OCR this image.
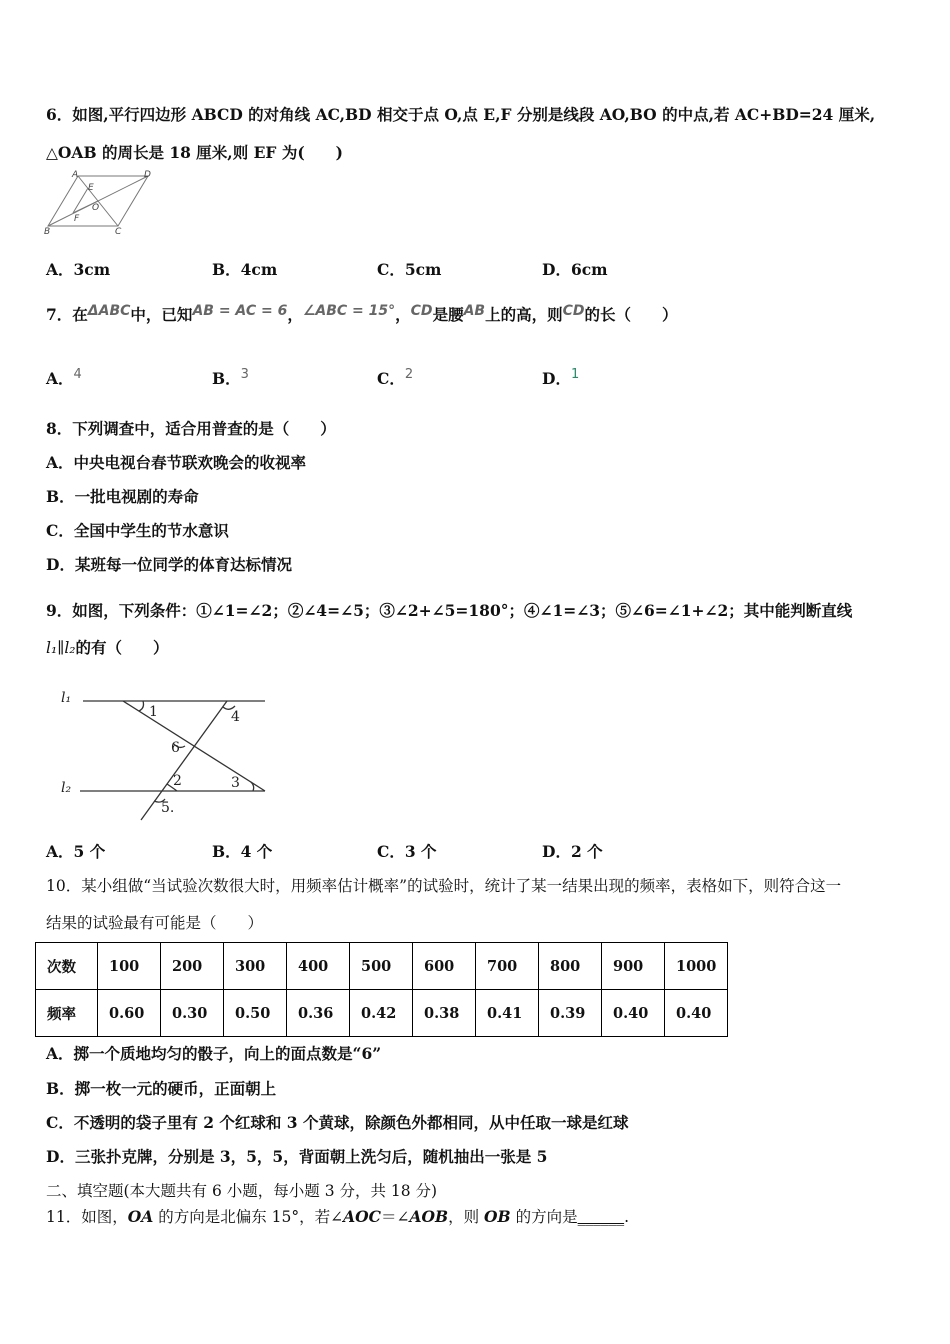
6．如图,平行四边形 ABCD 的对角线 AC,BD 相交于点 O,点 E,F 分别是线段 AO,BO 的中点,若 AC+BD=24 厘米,
△OAB 的周长是 18 厘米,则 EF 为(　　)
A	D
E
O
F
B	C
A．3cm	B．4cm	C．5cm	D．6cm
7．在ΔABC中，已知AB = AC = 6，∠ABC = 15°，CD是腰AB上的高，则CD的长（　　）
A．$^4$	B．$^3$	C．$^2$	D．$^1$
8．下列调查中，适合用普查的是（　　）
A．中央电视台春节联欢晚会的收视率
B．一批电视剧的寿命
C．全国中学生的节水意识
D．某班每一位同学的体育达标情况
9．如图，下列条件：①∠1=∠2；②∠4=∠5；③∠2+∠5=180°；④∠1=∠3；⑤∠6=∠1+∠2；其中能判断直线
l₁∥l₂的有（　　）
l₁
l₂
1	4
6
2	3
5.
A．5 个	B．4 个	C．3 个	D．2 个
10．某小组做“当试验次数很大时，用频率估计概率”的试验时，统计了某一结果出现的频率，表格如下，则符合这一
结果的试验最有可能是（　　）
次数	100	200	300	400	500	600	700	800	900	1000
频率	0.60	0.30	0.50	0.36	0.42	0.38	0.41	0.39	0.40	0.40
A．掷一个质地均匀的骰子，向上的面点数是“6”
B．掷一枚一元的硬币，正面朝上
C．不透明的袋子里有 2 个红球和 3 个黄球，除颜色外都相同，从中任取一球是红球
D．三张扑克牌，分别是 3，5，5，背面朝上洗匀后，随机抽出一张是 5
二、填空题(本大题共有 6 小题，每小题 3 分，共 18 分)
11．如图，OA 的方向是北偏东 15°，若∠AOC＝∠AOB，则 OB 的方向是______.
